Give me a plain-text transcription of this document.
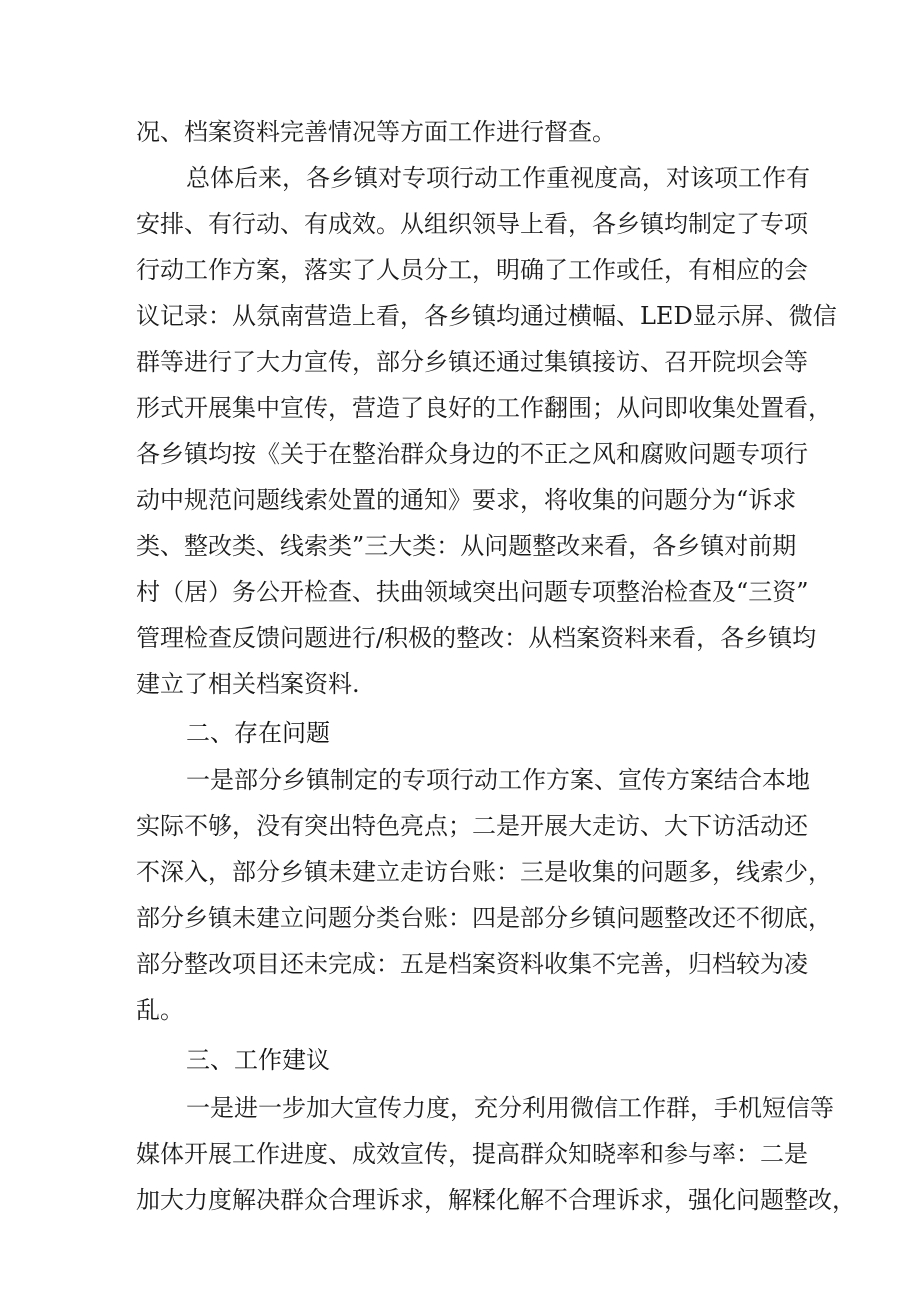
况、档案资料完善情况等方面工作进行督查。
总体后来，各乡镇对专项行动工作重视度高，对该项工作有
安排、有行动、有成效。从组织领导上看，各乡镇均制定了专项
行动工作方案，落实了人员分工，明确了工作或任，有相应的会
议记录：从氛南营造上看，各乡镇均通过横幅、LED显示屏、微信
群等进行了大力宣传，部分乡镇还通过集镇接访、召开院坝会等
形式开展集中宣传，营造了良好的工作翻围；从问即收集处置看，
各乡镇均按《关于在整治群众身边的不正之风和腐败问题专项行
动中规范问题线索处置的通知》要求，将收集的问题分为“诉求
类、整改类、线索类”三大类：从问题整改来看，各乡镇对前期
村（居）务公开检查、扶曲领域突出问题专项整治检查及“三资”
管理检查反馈问题进行/积极的整改：从档案资料来看，各乡镇均
建立了相关档案资料.
二、存在问题
一是部分乡镇制定的专项行动工作方案、宣传方案结合本地
实际不够，没有突出特色亮点；二是开展大走访、大下访活动还
不深入，部分乡镇未建立走访台账：三是收集的问题多，线索少，
部分乡镇未建立问题分类台账：四是部分乡镇问题整改还不彻底，
部分整改项目还未完成：五是档案资料收集不完善，归档较为凌
乱。
三、工作建议
一是进一步加大宣传力度，充分利用微信工作群，手机短信等
媒体开展工作进度、成效宣传，提高群众知晓率和参与率：二是
加大力度解决群众合理诉求，解糅化解不合理诉求，强化问题整改，
